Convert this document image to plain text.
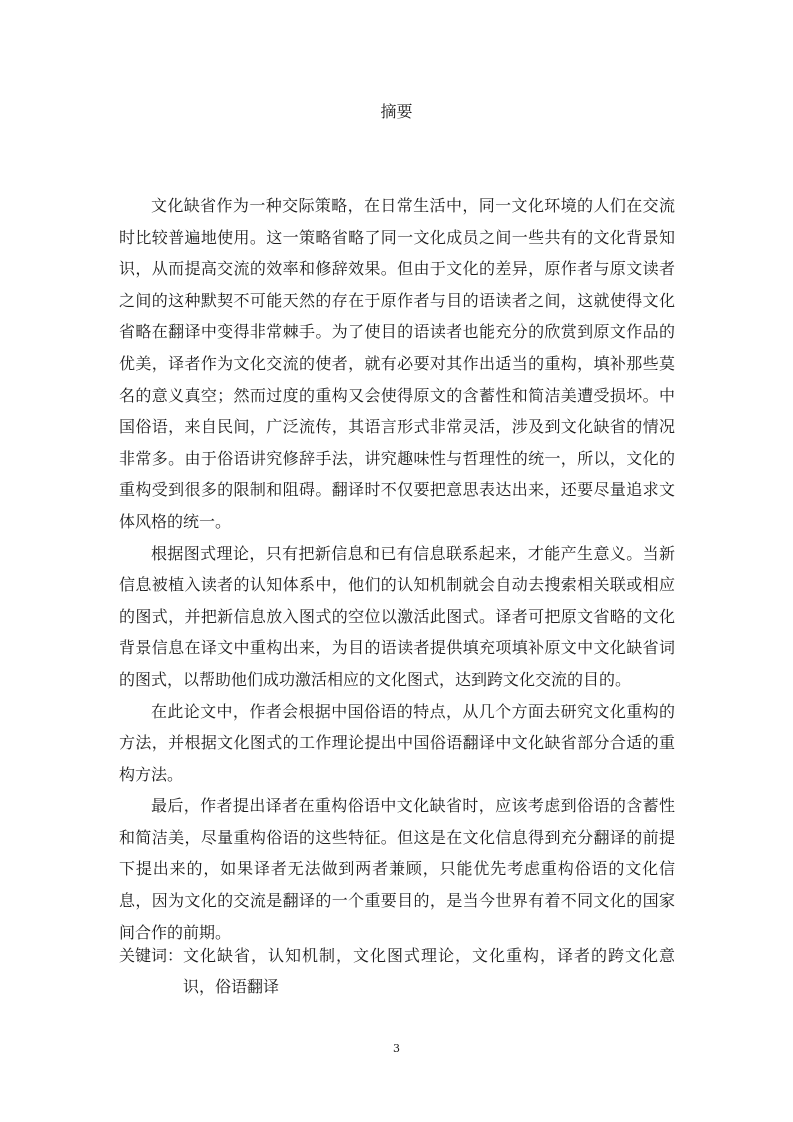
摘要

文化缺省作为一种交际策略，在日常生活中，同一文化环境的人们在交流时比较普遍地使用。这一策略省略了同一文化成员之间一些共有的文化背景知识，从而提高交流的效率和修辞效果。但由于文化的差异，原作者与原文读者之间的这种默契不可能天然的存在于原作者与目的语读者之间，这就使得文化省略在翻译中变得非常棘手。为了使目的语读者也能充分的欣赏到原文作品的优美，译者作为文化交流的使者，就有必要对其作出适当的重构，填补那些莫名的意义真空；然而过度的重构又会使得原文的含蓄性和简洁美遭受损坏。中国俗语，来自民间，广泛流传，其语言形式非常灵活，涉及到文化缺省的情况非常多。由于俗语讲究修辞手法，讲究趣味性与哲理性的统一，所以，文化的重构受到很多的限制和阻碍。翻译时不仅要把意思表达出来，还要尽量追求文体风格的统一。

根据图式理论，只有把新信息和已有信息联系起来，才能产生意义。当新信息被植入读者的认知体系中，他们的认知机制就会自动去搜索相关联或相应的图式，并把新信息放入图式的空位以激活此图式。译者可把原文省略的文化背景信息在译文中重构出来，为目的语读者提供填充项填补原文中文化缺省词的图式，以帮助他们成功激活相应的文化图式，达到跨文化交流的目的。

在此论文中，作者会根据中国俗语的特点，从几个方面去研究文化重构的方法，并根据文化图式的工作理论提出中国俗语翻译中文化缺省部分合适的重构方法。

最后，作者提出译者在重构俗语中文化缺省时，应该考虑到俗语的含蓄性和简洁美，尽量重构俗语的这些特征。但这是在文化信息得到充分翻译的前提下提出来的，如果译者无法做到两者兼顾，只能优先考虑重构俗语的文化信息，因为文化的交流是翻译的一个重要目的，是当今世界有着不同文化的国家间合作的前期。

关键词： 文化缺省，认知机制，文化图式理论，文化重构，译者的跨文化意识，俗语翻译
3
